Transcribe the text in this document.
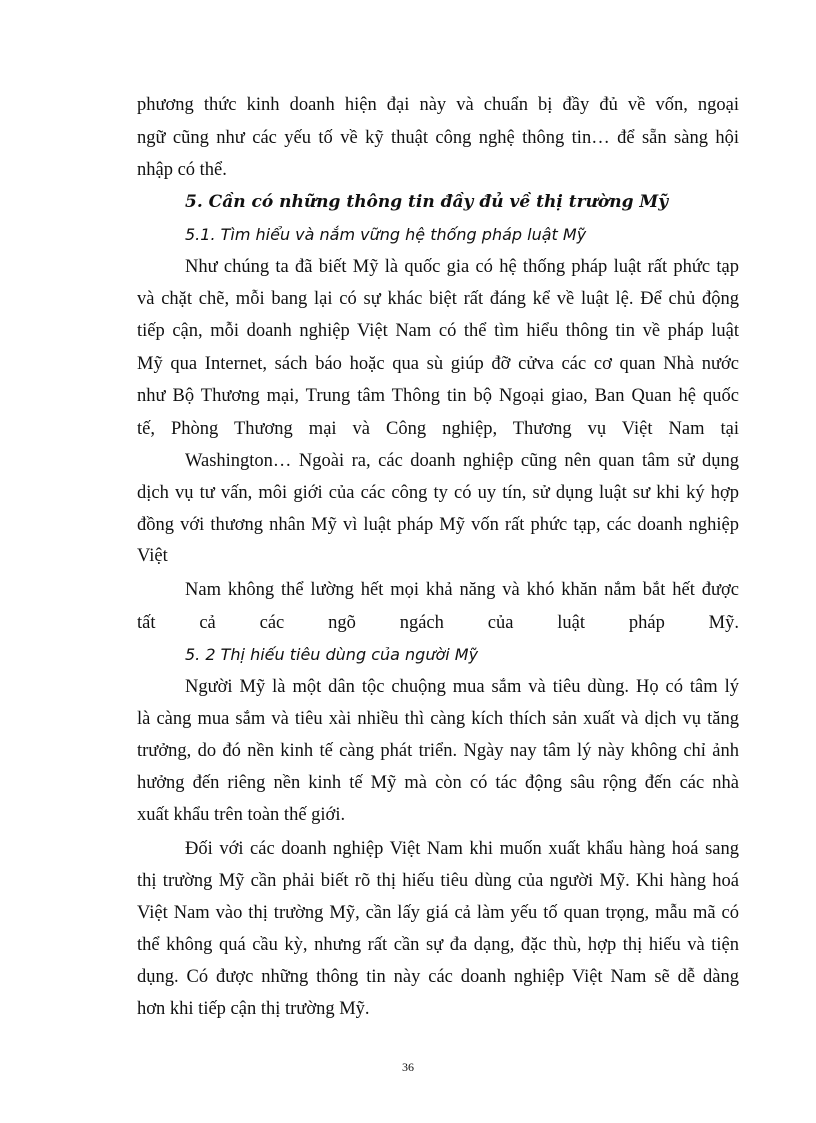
phương thức kinh doanh hiện đại này và chuẩn bị đầy đủ về vốn, ngoại
ngữ cũng như các yếu tố về kỹ thuật công nghệ thông tin… để sẵn sàng hội
nhập có thể.
5. Cần có những thông tin đầy đủ về thị trường Mỹ
5.1. Tìm hiểu và nắm vững hệ thống pháp luật Mỹ
Như chúng ta đã biết Mỹ là quốc gia có hệ thống pháp luật rất phức tạp
và chặt chẽ, mỗi bang lại có sự khác biệt rất đáng kể về luật lệ. Để chủ động
tiếp cận, mỗi doanh nghiệp Việt Nam có thể tìm hiểu thông tin về pháp luật
Mỹ qua Internet, sách báo hoặc qua sù giúp đỡ cửva các cơ quan Nhà nước
như Bộ Thương mại, Trung tâm Thông tin bộ Ngoại giao, Ban Quan hệ quốc
tế, Phòng Thương mại và Công nghiệp, Thương vụ Việt Nam tại
Washington… Ngoài ra, các doanh nghiệp cũng nên quan tâm sử dụng
dịch vụ tư vấn, môi giới của các công ty có uy tín, sử dụng luật sư khi ký hợp
đồng với thương nhân Mỹ vì luật pháp Mỹ vốn rất phức tạp, các doanh nghiệp
Việt
Nam không thể lường hết mọi khả năng và khó khăn nắm bắt hết được
tất cả các ngõ ngách của luật pháp Mỹ.
5. 2 Thị hiếu tiêu dùng của người Mỹ
Người Mỹ là một dân tộc chuộng mua sắm và tiêu dùng. Họ có tâm lý
là càng mua sắm và tiêu xài nhiều thì càng kích thích sản xuất và dịch vụ tăng
trưởng, do đó nền kinh tế càng phát triển. Ngày nay tâm lý này không chỉ ảnh
hưởng đến riêng nền kinh tế Mỹ mà còn có tác động sâu rộng đến các nhà
xuất khẩu trên toàn thế giới.
Đối với các doanh nghiệp Việt Nam khi muốn xuất khẩu hàng hoá sang
thị trường Mỹ cần phải biết rõ thị hiếu tiêu dùng của người Mỹ. Khi hàng hoá
Việt Nam vào thị trường Mỹ, cần lấy giá cả làm yếu tố quan trọng, mẫu mã có
thể không quá cầu kỳ, nhưng rất cần sự đa dạng, đặc thù, hợp thị hiếu và tiện
dụng. Có được những thông tin này các doanh nghiệp Việt Nam sẽ dễ dàng
hơn khi tiếp cận thị trường Mỹ.
36
